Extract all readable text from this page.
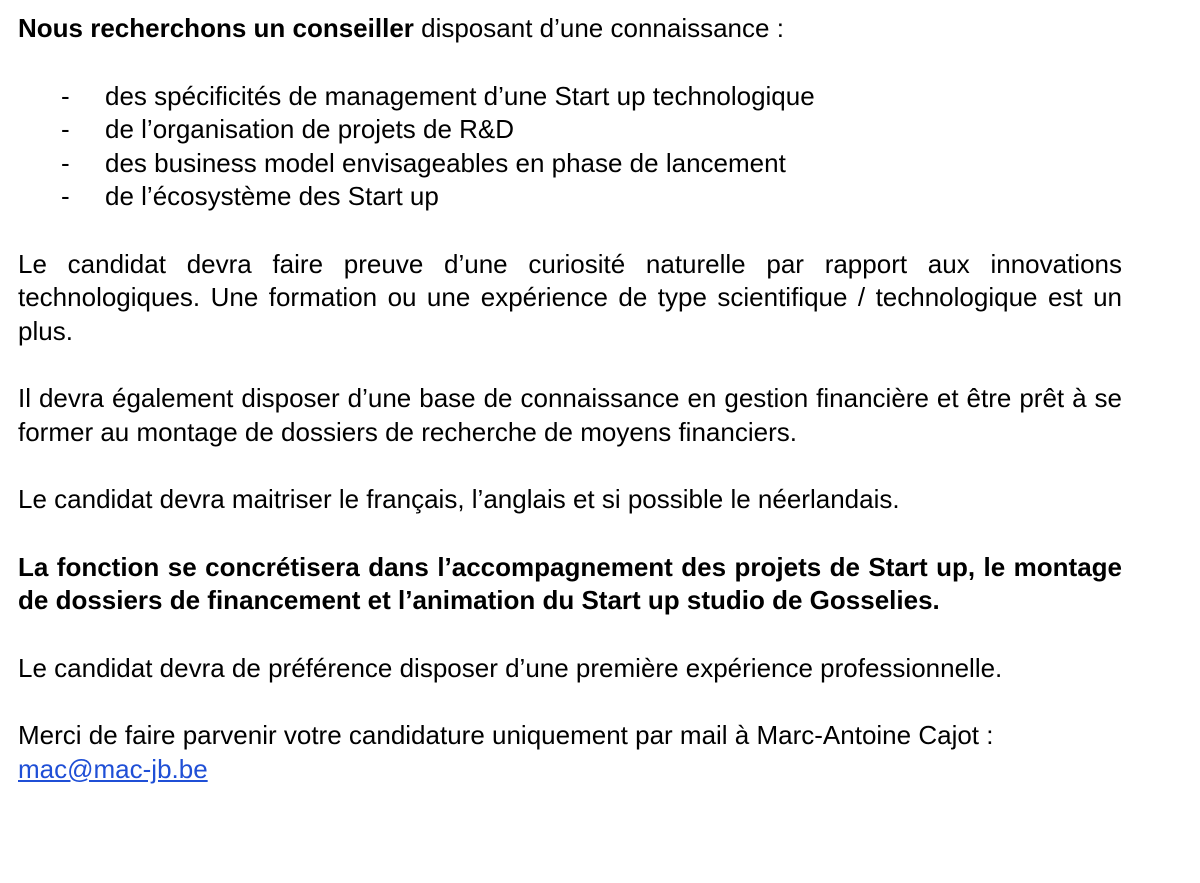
Nous recherchons un conseiller disposant d’une connaissance :

- des spécificités de management d’une Start up technologique
- de l’organisation de projets de R&D
- des business model envisageables en phase de lancement
- de l’écosystème des Start up

Le candidat devra faire preuve d’une curiosité naturelle par rapport aux innovations technologiques. Une formation ou une expérience de type scientifique / technologique est un plus.

Il devra également disposer d’une base de connaissance en gestion financière et être prêt à se former au montage de dossiers de recherche de moyens financiers.

Le candidat devra maitriser le français, l’anglais et si possible le néerlandais.

La fonction se concrétisera dans l’accompagnement des projets de Start up, le montage de dossiers de financement et l’animation du Start up studio de Gosselies.

Le candidat devra de préférence disposer d’une première expérience professionnelle.

Merci de faire parvenir votre candidature uniquement par mail à Marc-Antoine Cajot :

mac@mac-jb.be
